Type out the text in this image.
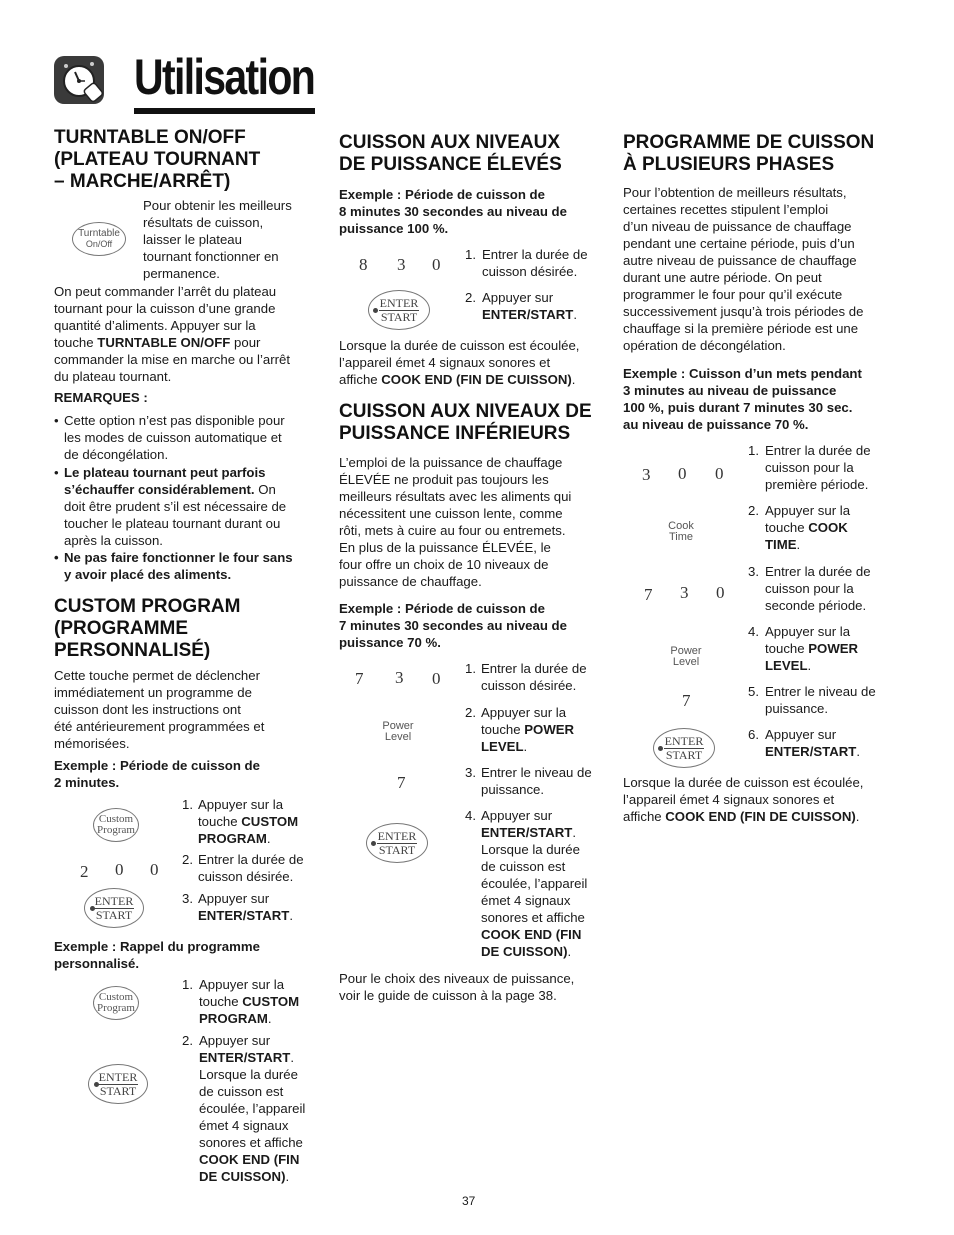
Utilisation
TURNTABLE ON/OFF
(PLATEAU TOURNANT
– MARCHE/ARRÊT)
Turntable
On/Off
Pour obtenir les meilleurs
résultats de cuisson,
laisser le plateau
tournant fonctionner en
permanence.
On peut commander l’arrêt du plateau
tournant pour la cuisson d’une grande
quantité d’aliments. Appuyer sur la
touche TURNTABLE ON/OFF pour
commander la mise en marche ou l’arrêt
du plateau tournant.
REMARQUES :
• Cette option n’est pas disponible pour
les modes de cuisson automatique et
de décongélation.
• Le plateau tournant peut parfois
s’échauffer considérablement. On
doit être prudent s’il est nécessaire de
toucher le plateau tournant durant ou
après la cuisson.
• Ne pas faire fonctionner le four sans
y avoir placé des aliments.
CUSTOM PROGRAM
(PROGRAMME
PERSONNALISÉ)
Cette touche permet de déclencher
immédiatement un programme de
cuisson dont les instructions ont
été antérieurement programmées et
mémorisées.
Exemple : Période de cuisson de
2 minutes.
Custom
Program
2 0 0
ENTER
START
1. Appuyer sur la
touche CUSTOM
PROGRAM.
2. Entrer la durée de
cuisson désirée.
3. Appuyer sur
ENTER/START.
Exemple : Rappel du programme
personnalisé.
Custom
Program
ENTER
START
1. Appuyer sur la
touche CUSTOM
PROGRAM.
2. Appuyer sur
ENTER/START.
Lorsque la durée
de cuisson est
écoulée, l’appareil
émet 4 signaux
sonores et affiche
COOK END (FIN
DE CUISSON).
CUISSON AUX NIVEAUX
DE PUISSANCE ÉLEVÉS
Exemple : Période de cuisson de
8 minutes 30 secondes au niveau de
puissance 100 %.
8 3 0
ENTER
START
1. Entrer la durée de
cuisson désirée.
2. Appuyer sur
ENTER/START.
Lorsque la durée de cuisson est écoulée,
l’appareil émet 4 signaux sonores et
affiche COOK END (FIN DE CUISSON).
CUISSON AUX NIVEAUX DE
PUISSANCE INFÉRIEURS
L’emploi de la puissance de chauffage
ÉLEVÉE ne produit pas toujours les
meilleurs résultats avec les aliments qui
nécessitent une cuisson lente, comme
rôti, mets à cuire au four ou entremets.
En plus de la puissance ÉLEVÉE, le
four offre un choix de 10 niveaux de
puissance de chauffage.
Exemple : Période de cuisson de
7 minutes 30 secondes au niveau de
puissance 70 %.
7 3 0
Power
Level
7
ENTER
START
1. Entrer la durée de
cuisson désirée.
2. Appuyer sur la
touche POWER
LEVEL.
3. Entrer le niveau de
puissance.
4. Appuyer sur
ENTER/START.
Lorsque la durée
de cuisson est
écoulée, l’appareil
émet 4 signaux
sonores et affiche
COOK END (FIN
DE CUISSON).
Pour le choix des niveaux de puissance,
voir le guide de cuisson à la page 38.
PROGRAMME DE CUISSON
À PLUSIEURS PHASES
Pour l’obtention de meilleurs résultats,
certaines recettes stipulent l’emploi
d’un niveau de puissance de chauffage
pendant une certaine période, puis d’un
autre niveau de puissance de chauffage
durant une autre période. On peut
programmer le four pour qu’il exécute
successivement jusqu’à trois périodes de
chauffage si la première période est une
opération de décongélation.
Exemple : Cuisson d’un mets pendant
3 minutes au niveau de puissance
100 %, puis durant 7 minutes 30 sec.
au niveau de puissance 70 %.
3 0 0
Cook
Time
7 3 0
Power
Level
7
ENTER
START
1. Entrer la durée de
cuisson pour la
première période.
2. Appuyer sur la
touche COOK
TIME.
3. Entrer la durée de
cuisson pour la
seconde période.
4. Appuyer sur la
touche POWER
LEVEL.
5. Entrer le niveau de
puissance.
6. Appuyer sur
ENTER/START.
Lorsque la durée de cuisson est écoulée,
l’appareil émet 4 signaux sonores et
affiche COOK END (FIN DE CUISSON).
37
